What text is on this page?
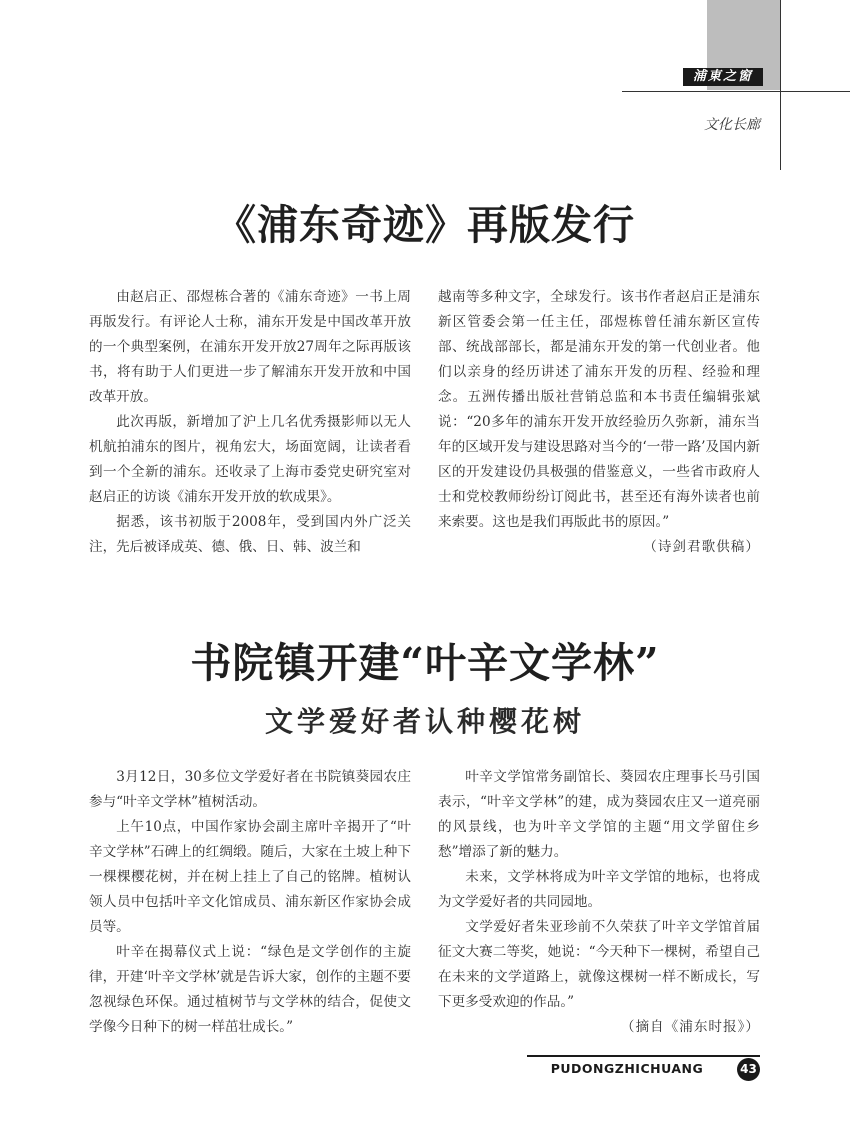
浦東之窗
文化长廊
《浦东奇迹》再版发行

由赵启正、邵煜栋合著的《浦东奇迹》一书上周再版发行。有评论人士称，浦东开发是中国改革开放的一个典型案例，在浦东开发开放27周年之际再版该书，将有助于人们更进一步了解浦东开发开放和中国改革开放。

此次再版，新增加了沪上几名优秀摄影师以无人机航拍浦东的图片，视角宏大，场面宽阔，让读者看到一个全新的浦东。还收录了上海市委党史研究室对赵启正的访谈《浦东开发开放的软成果》。

据悉，该书初版于2008年，受到国内外广泛关注，先后被译成英、德、俄、日、韩、波兰和

越南等多种文字，全球发行。该书作者赵启正是浦东新区管委会第一任主任，邵煜栋曾任浦东新区宣传部、统战部部长，都是浦东开发的第一代创业者。他们以亲身的经历讲述了浦东开发的历程、经验和理念。五洲传播出版社营销总监和本书责任编辑张斌说：“20多年的浦东开发开放经验历久弥新，浦东当年的区域开发与建设思路对当今的‘一带一路’及国内新区的开发建设仍具极强的借鉴意义，一些省市政府人士和党校教师纷纷订阅此书，甚至还有海外读者也前来索要。这也是我们再版此书的原因。”

（诗剑君歌供稿）

书院镇开建“叶辛文学林”
文学爱好者认种樱花树

3月12日，30多位文学爱好者在书院镇葵园农庄参与“叶辛文学林”植树活动。

上午10点，中国作家协会副主席叶辛揭开了“叶辛文学林”石碑上的红绸缎。随后，大家在土坡上种下一棵棵樱花树，并在树上挂上了自己的铭牌。植树认领人员中包括叶辛文化馆成员、浦东新区作家协会成员等。

叶辛在揭幕仪式上说：“绿色是文学创作的主旋律，开建‘叶辛文学林’就是告诉大家，创作的主题不要忽视绿色环保。通过植树节与文学林的结合，促使文学像今日种下的树一样茁壮成长。”

叶辛文学馆常务副馆长、葵园农庄理事长马引国表示，“叶辛文学林”的建，成为葵园农庄又一道亮丽的风景线，也为叶辛文学馆的主题“用文学留住乡愁”增添了新的魅力。

未来，文学林将成为叶辛文学馆的地标，也将成为文学爱好者的共同园地。

文学爱好者朱亚珍前不久荣获了叶辛文学馆首届征文大赛二等奖，她说：“今天种下一棵树，希望自己在未来的文学道路上，就像这棵树一样不断成长，写下更多受欢迎的作品。”

（摘自《浦东时报》）

PUDONGZHICHUANG	43
